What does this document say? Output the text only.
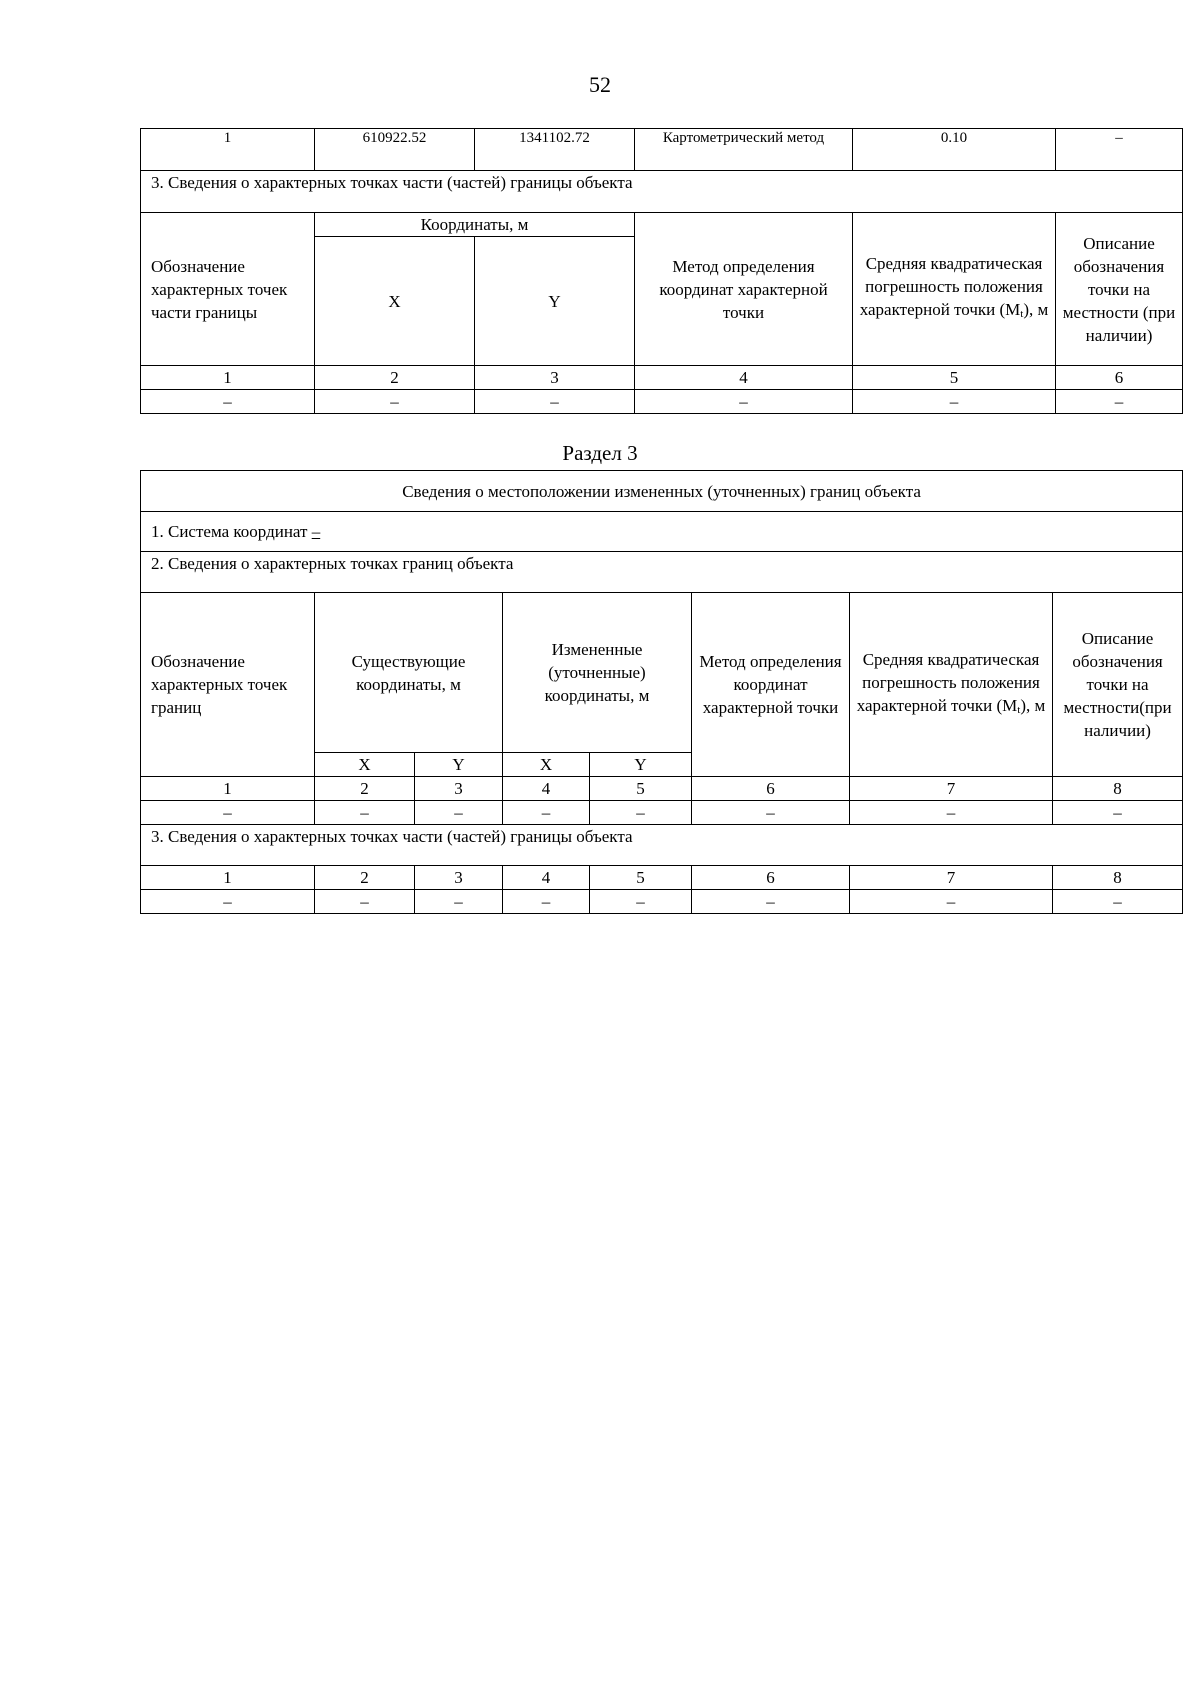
52
1	610922.52	1341102.72	Картометрический метод	0.10	–
3. Сведения о характерных точках части (частей) границы объекта					
Обозначение характерных точек части границы	Координаты, м		Метод определения координат характерной точки	Средняя квадратическая погрешность положения характерной точки $(M_t)$, м	Описание обозначения точки на местности (при наличии)
	X	Y			
1	2	3	4	5	6
–	–	–	–	–	–
Раздел 3
Сведения о местоположении измененных (уточненных) границ объекта							
1. Система координат –							
2. Сведения о характерных точках границ объекта							
Обозначение характерных точек границ	Существующие координаты, м		Измененные (уточненные) координаты, м		Метод определения координат характерной точки	Средняя квадратическая погрешность положения характерной точки $(M_t)$, м	Описание обозначения точки на местности(при наличии)
	X	Y	X	Y			
1	2	3	4	5	6	7	8
–	–	–	–	–	–	–	–
3. Сведения о характерных точках части (частей) границы объекта							
1	2	3	4	5	6	7	8
–	–	–	–	–	–	–	–
